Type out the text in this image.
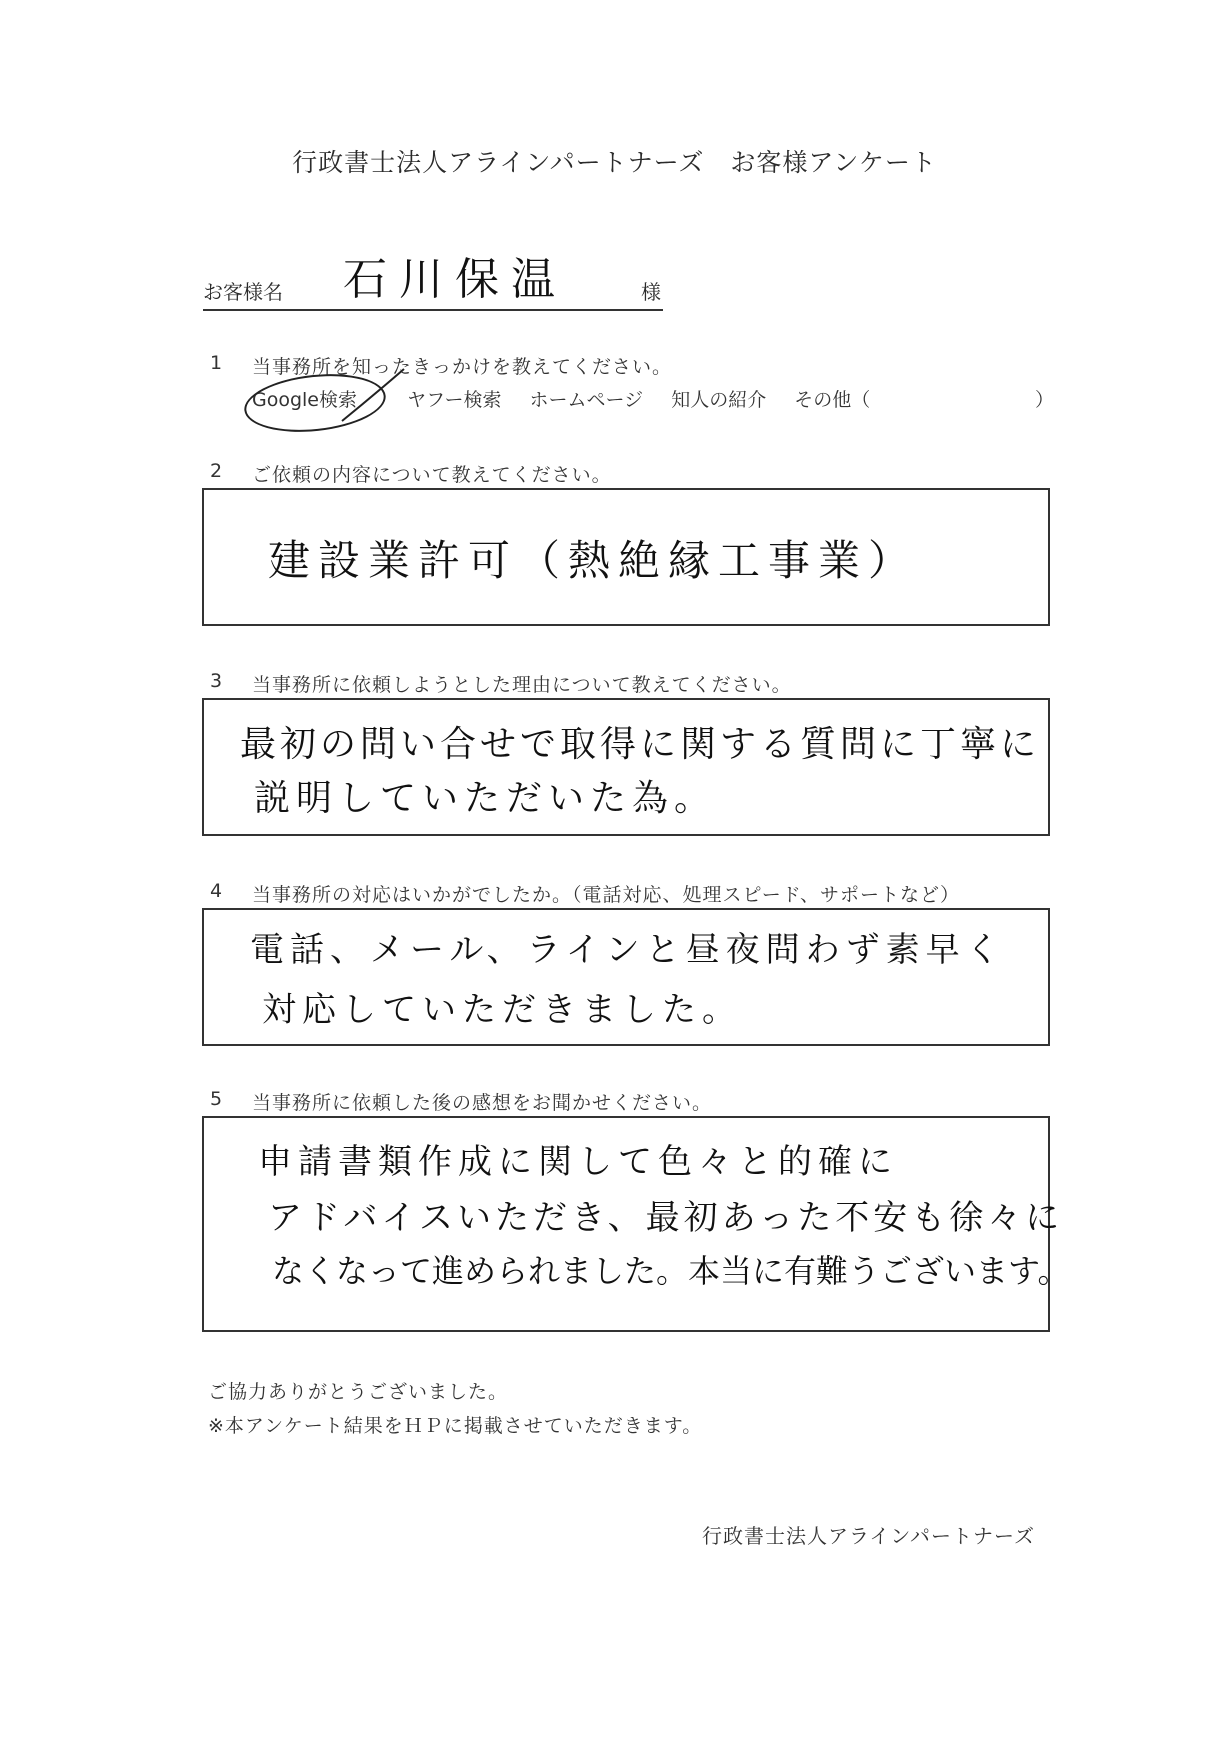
行政書士法人アラインパートナーズ　お客様アンケート
お客様名 石川保温	様
1 当事務所を知ったきっかけを教えてください。
Google検索	ヤフー検索 ホームページ 知人の紹介 その他（	）
2 ご依頼の内容について教えてください。
建設業許可（熱絶縁工事業）
3 当事務所に依頼しようとした理由について教えてください。
最初の問い合せで取得に関する質問に丁寧に
説明していただいた為。
4 当事務所の対応はいかがでしたか。（電話対応、処理スピード、サポートなど）
電話、メール、ラインと昼夜問わず素早く
対応していただきました。
5 当事務所に依頼した後の感想をお聞かせください。
申請書類作成に関して色々と的確に
アドバイスいただき、最初あった不安も徐々に
なくなって進められました。本当に有難うございます。
ご協力ありがとうございました。
※本アンケート結果をＨＰに掲載させていただきます。
行政書士法人アラインパートナーズ
